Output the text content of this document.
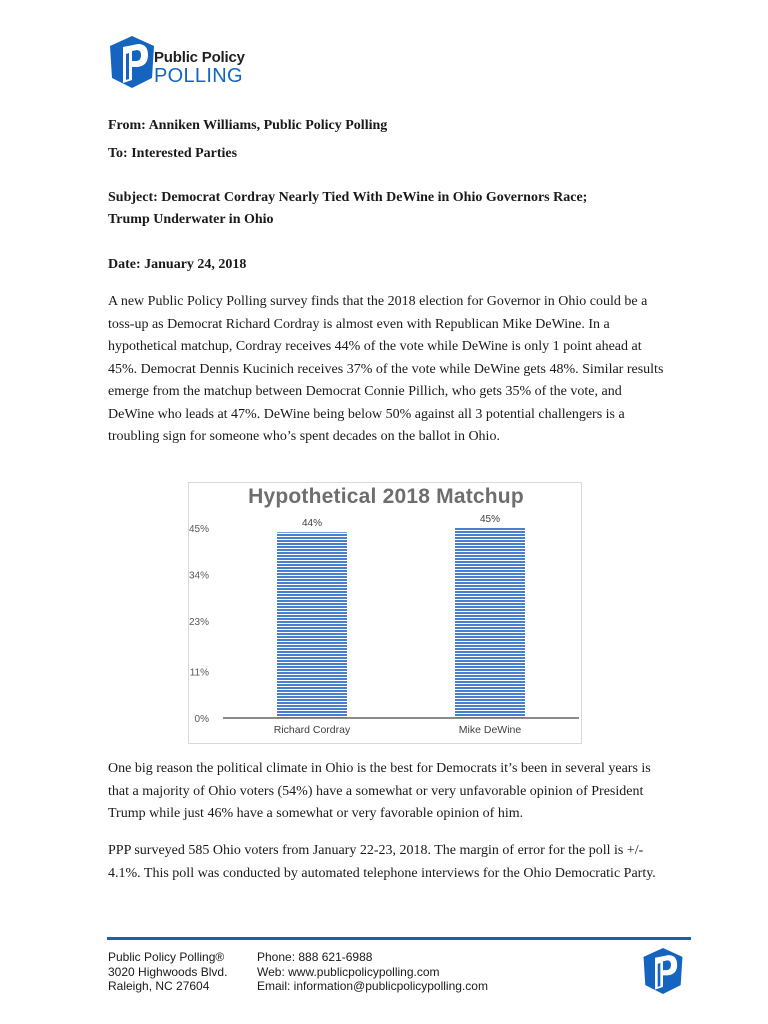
Public Policy
POLLING
From: Anniken Williams, Public Policy Polling
To: Interested Parties
Subject: Democrat Cordray Nearly Tied With DeWine in Ohio Governors Race;
Trump Underwater in Ohio
Date: January 24, 2018

A new Public Policy Polling survey finds that the 2018 election for Governor in Ohio could be a toss-up as Democrat Richard Cordray is almost even with Republican Mike DeWine. In a hypothetical matchup, Cordray receives 44% of the vote while DeWine is only 1 point ahead at 45%. Democrat Dennis Kucinich receives 37% of the vote while DeWine gets 48%. Similar results emerge from the matchup between Democrat Connie Pillich, who gets 35% of the vote, and DeWine who leads at 47%. DeWine being below 50% against all 3 potential challengers is a troubling sign for someone who’s spent decades on the ballot in Ohio.

Hypothetical 2018 Matchup
0%
11%
23%
34%
45%
44%
Richard Cordray
45%
Mike DeWine

One big reason the political climate in Ohio is the best for Democrats it’s been in several years is that a majority of Ohio voters (54%) have a somewhat or very unfavorable opinion of President Trump while just 46% have a somewhat or very favorable opinion of him.

PPP surveyed 585 Ohio voters from January 22-23, 2018. The margin of error for the poll is +/- 4.1%. This poll was conducted by automated telephone interviews for the Ohio Democratic Party.

Public Policy Polling®
3020 Highwoods Blvd.
Raleigh, NC 27604
Phone: 888 621-6988
Web: www.publicpolicypolling.com
Email: information@publicpolicypolling.com
